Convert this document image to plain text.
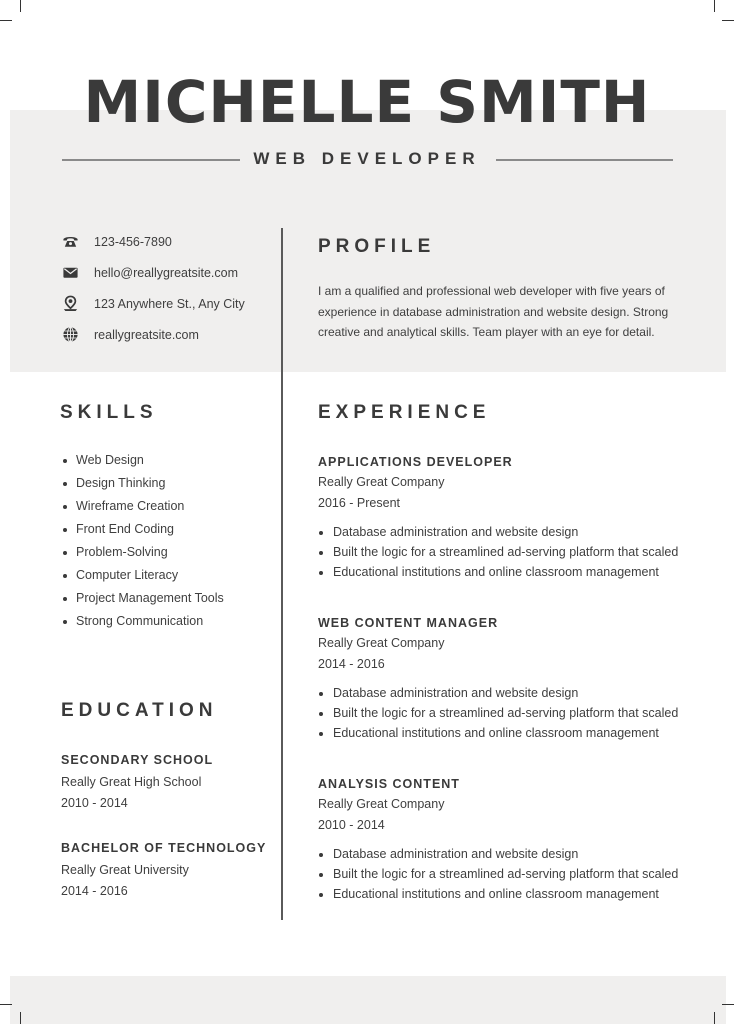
MICHELLE SMITH
WEB DEVELOPER
123-456-7890
hello@reallygreatsite.com
123 Anywhere St., Any City
reallygreatsite.com
PROFILE

I am a qualified and professional web developer with five years of experience in database administration and website design. Strong creative and analytical skills. Team player with an eye for detail.

SKILLS
Web Design
Design Thinking
Wireframe Creation
Front End Coding
Problem-Solving
Computer Literacy
Project Management Tools
Strong Communication
EDUCATION
SECONDARY SCHOOL

Really Great High School

2010 - 2014

BACHELOR OF TECHNOLOGY

Really Great University

2014 - 2016

EXPERIENCE
APPLICATIONS DEVELOPER

Really Great Company

2016 - Present

Database administration and website design
Built the logic for a streamlined ad-serving platform that scaled
Educational institutions and online classroom management
WEB CONTENT MANAGER

Really Great Company

2014 - 2016

Database administration and website design
Built the logic for a streamlined ad-serving platform that scaled
Educational institutions and online classroom management
ANALYSIS CONTENT

Really Great Company

2010 - 2014

Database administration and website design
Built the logic for a streamlined ad-serving platform that scaled
Educational institutions and online classroom management
